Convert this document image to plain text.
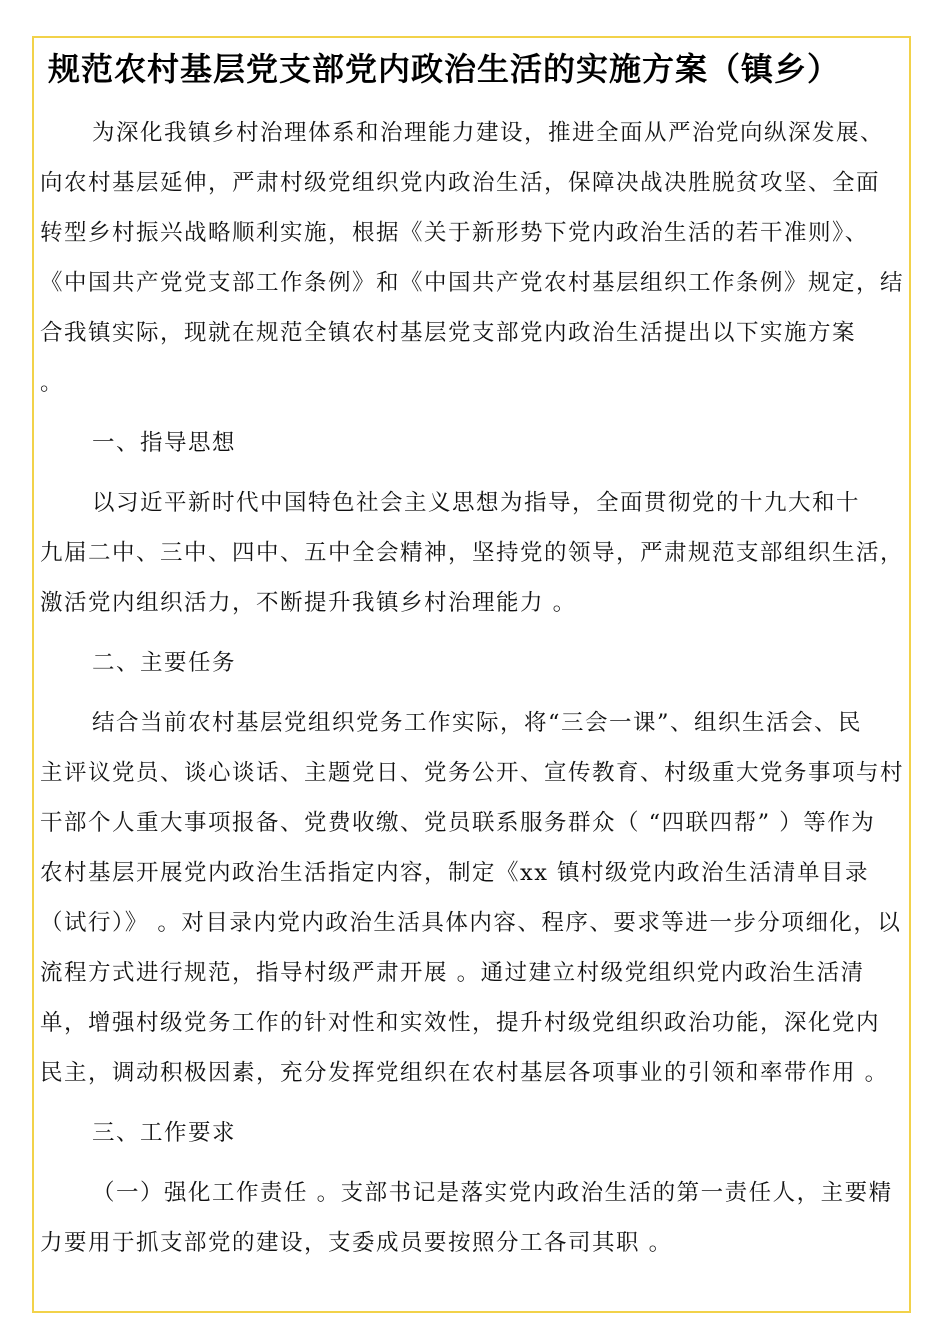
规范农村基层党支部党内政治生活的实施方案（镇乡）
为深化我镇乡村治理体系和治理能力建设，推进全面从严治党向纵深发展、
向农村基层延伸，严肃村级党组织党内政治生活，保障决战决胜脱贫攻坚、全面
转型乡村振兴战略顺利实施，根据《关于新形势下党内政治生活的若干准则》、
《中国共产党党支部工作条例》和《中国共产党农村基层组织工作条例》规定，结
合我镇实际，现就在规范全镇农村基层党支部党内政治生活提出以下实施方案
。
一、指导思想
以习近平新时代中国特色社会主义思想为指导，全面贯彻党的十九大和十
九届二中、三中、四中、五中全会精神，坚持党的领导，严肃规范支部组织生活，
激活党内组织活力，不断提升我镇乡村治理能力 。
二、主要任务
结合当前农村基层党组织党务工作实际，将“三会一课”、组织生活会、民
主评议党员、谈心谈话、主题党日、党务公开、宣传教育、村级重大党务事项与村
干部个人重大事项报备、党费收缴、党员联系服务群众（ “四联四帮” ）等作为
农村基层开展党内政治生活指定内容，制定《xx 镇村级党内政治生活清单目录
（试行）》 。对目录内党内政治生活具体内容、程序、要求等进一步分项细化，以
流程方式进行规范，指导村级严肃开展 。通过建立村级党组织党内政治生活清
单，增强村级党务工作的针对性和实效性，提升村级党组织政治功能，深化党内
民主，调动积极因素，充分发挥党组织在农村基层各项事业的引领和率带作用 。
三、工作要求
（一）强化工作责任 。支部书记是落实党内政治生活的第一责任人，主要精
力要用于抓支部党的建设，支委成员要按照分工各司其职 。
